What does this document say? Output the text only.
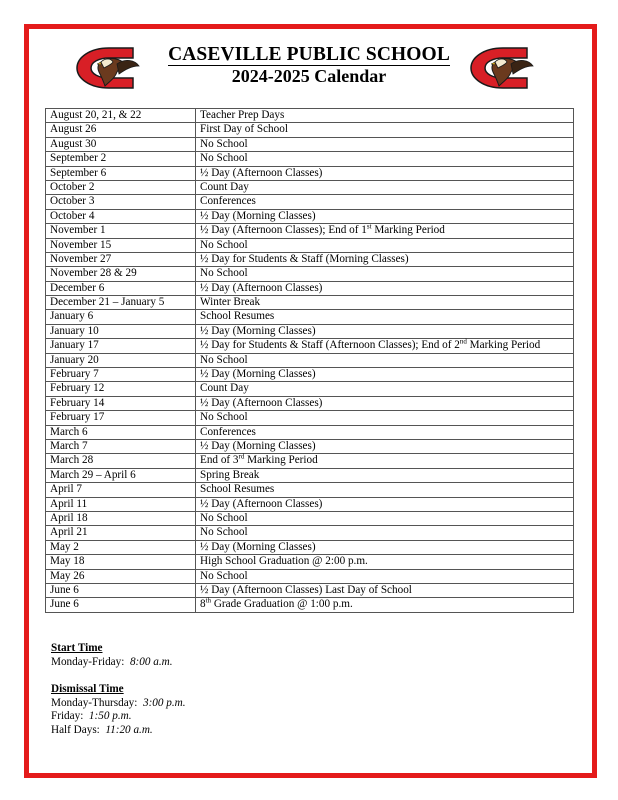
CASEVILLE PUBLIC SCHOOL
2024-2025 Calendar
August 20, 21, & 22	Teacher Prep Days
August 26	First Day of School
August 30	No School
September 2	No School
September 6	½ Day (Afternoon Classes)
October 2	Count Day
October 3	Conferences
October 4	½ Day (Morning Classes)
November 1	½ Day (Afternoon Classes); End of 1st Marking Period
November 15	No School
November 27	½ Day for Students & Staff (Morning Classes)
November 28 & 29	No School
December 6	½ Day (Afternoon Classes)
December 21 – January 5	Winter Break
January 6	School Resumes
January 10	½ Day (Morning Classes)
January 17	½ Day for Students & Staff (Afternoon Classes); End of 2nd Marking Period
January 20	No School
February 7	½ Day (Morning Classes)
February 12	Count Day
February 14	½ Day (Afternoon Classes)
February 17	No School
March 6	Conferences
March 7	½ Day (Morning Classes)
March 28	End of 3rd Marking Period
March 29 – April 6	Spring Break
April 7	School Resumes
April 11	½ Day (Afternoon Classes)
April 18	No School
April 21	No School
May 2	½ Day (Morning Classes)
May 18	High School Graduation @ 2:00 p.m.
May 26	No School
June 6	½ Day (Afternoon Classes) Last Day of School
June 6	8th Grade Graduation @ 1:00 p.m.
Start Time
Monday-Friday: 8:00 a.m.
Dismissal Time
Monday-Thursday: 3:00 p.m.
Friday: 1:50 p.m.
Half Days: 11:20 a.m.
